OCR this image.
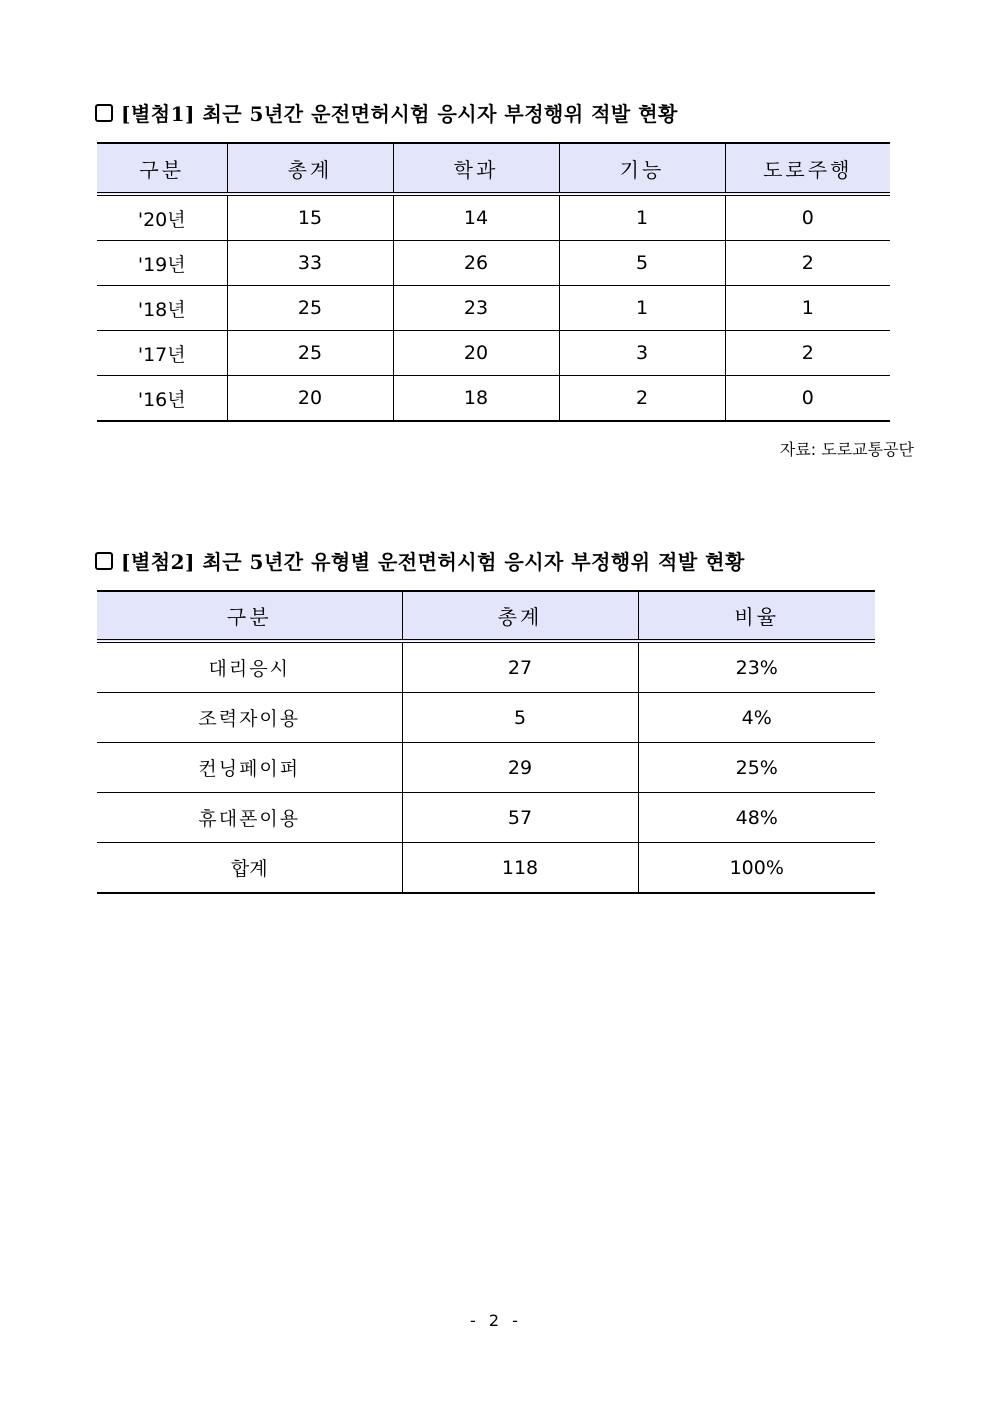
[별첨1] 최근 5년간 운전면허시험 응시자 부정행위 적발 현황
구분	총계	학과	기능	도로주행
'20년	15	14	1	0
'19년	33	26	5	2
'18년	25	23	1	1
'17년	25	20	3	2
'16년	20	18	2	0
자료: 도로교통공단
[별첨2] 최근 5년간 유형별 운전면허시험 응시자 부정행위 적발 현황
구분	총계	비율
대리응시	27	23%
조력자이용	5	4%
컨닝페이퍼	29	25%
휴대폰이용	57	48%
합계	118	100%
- 2 -
